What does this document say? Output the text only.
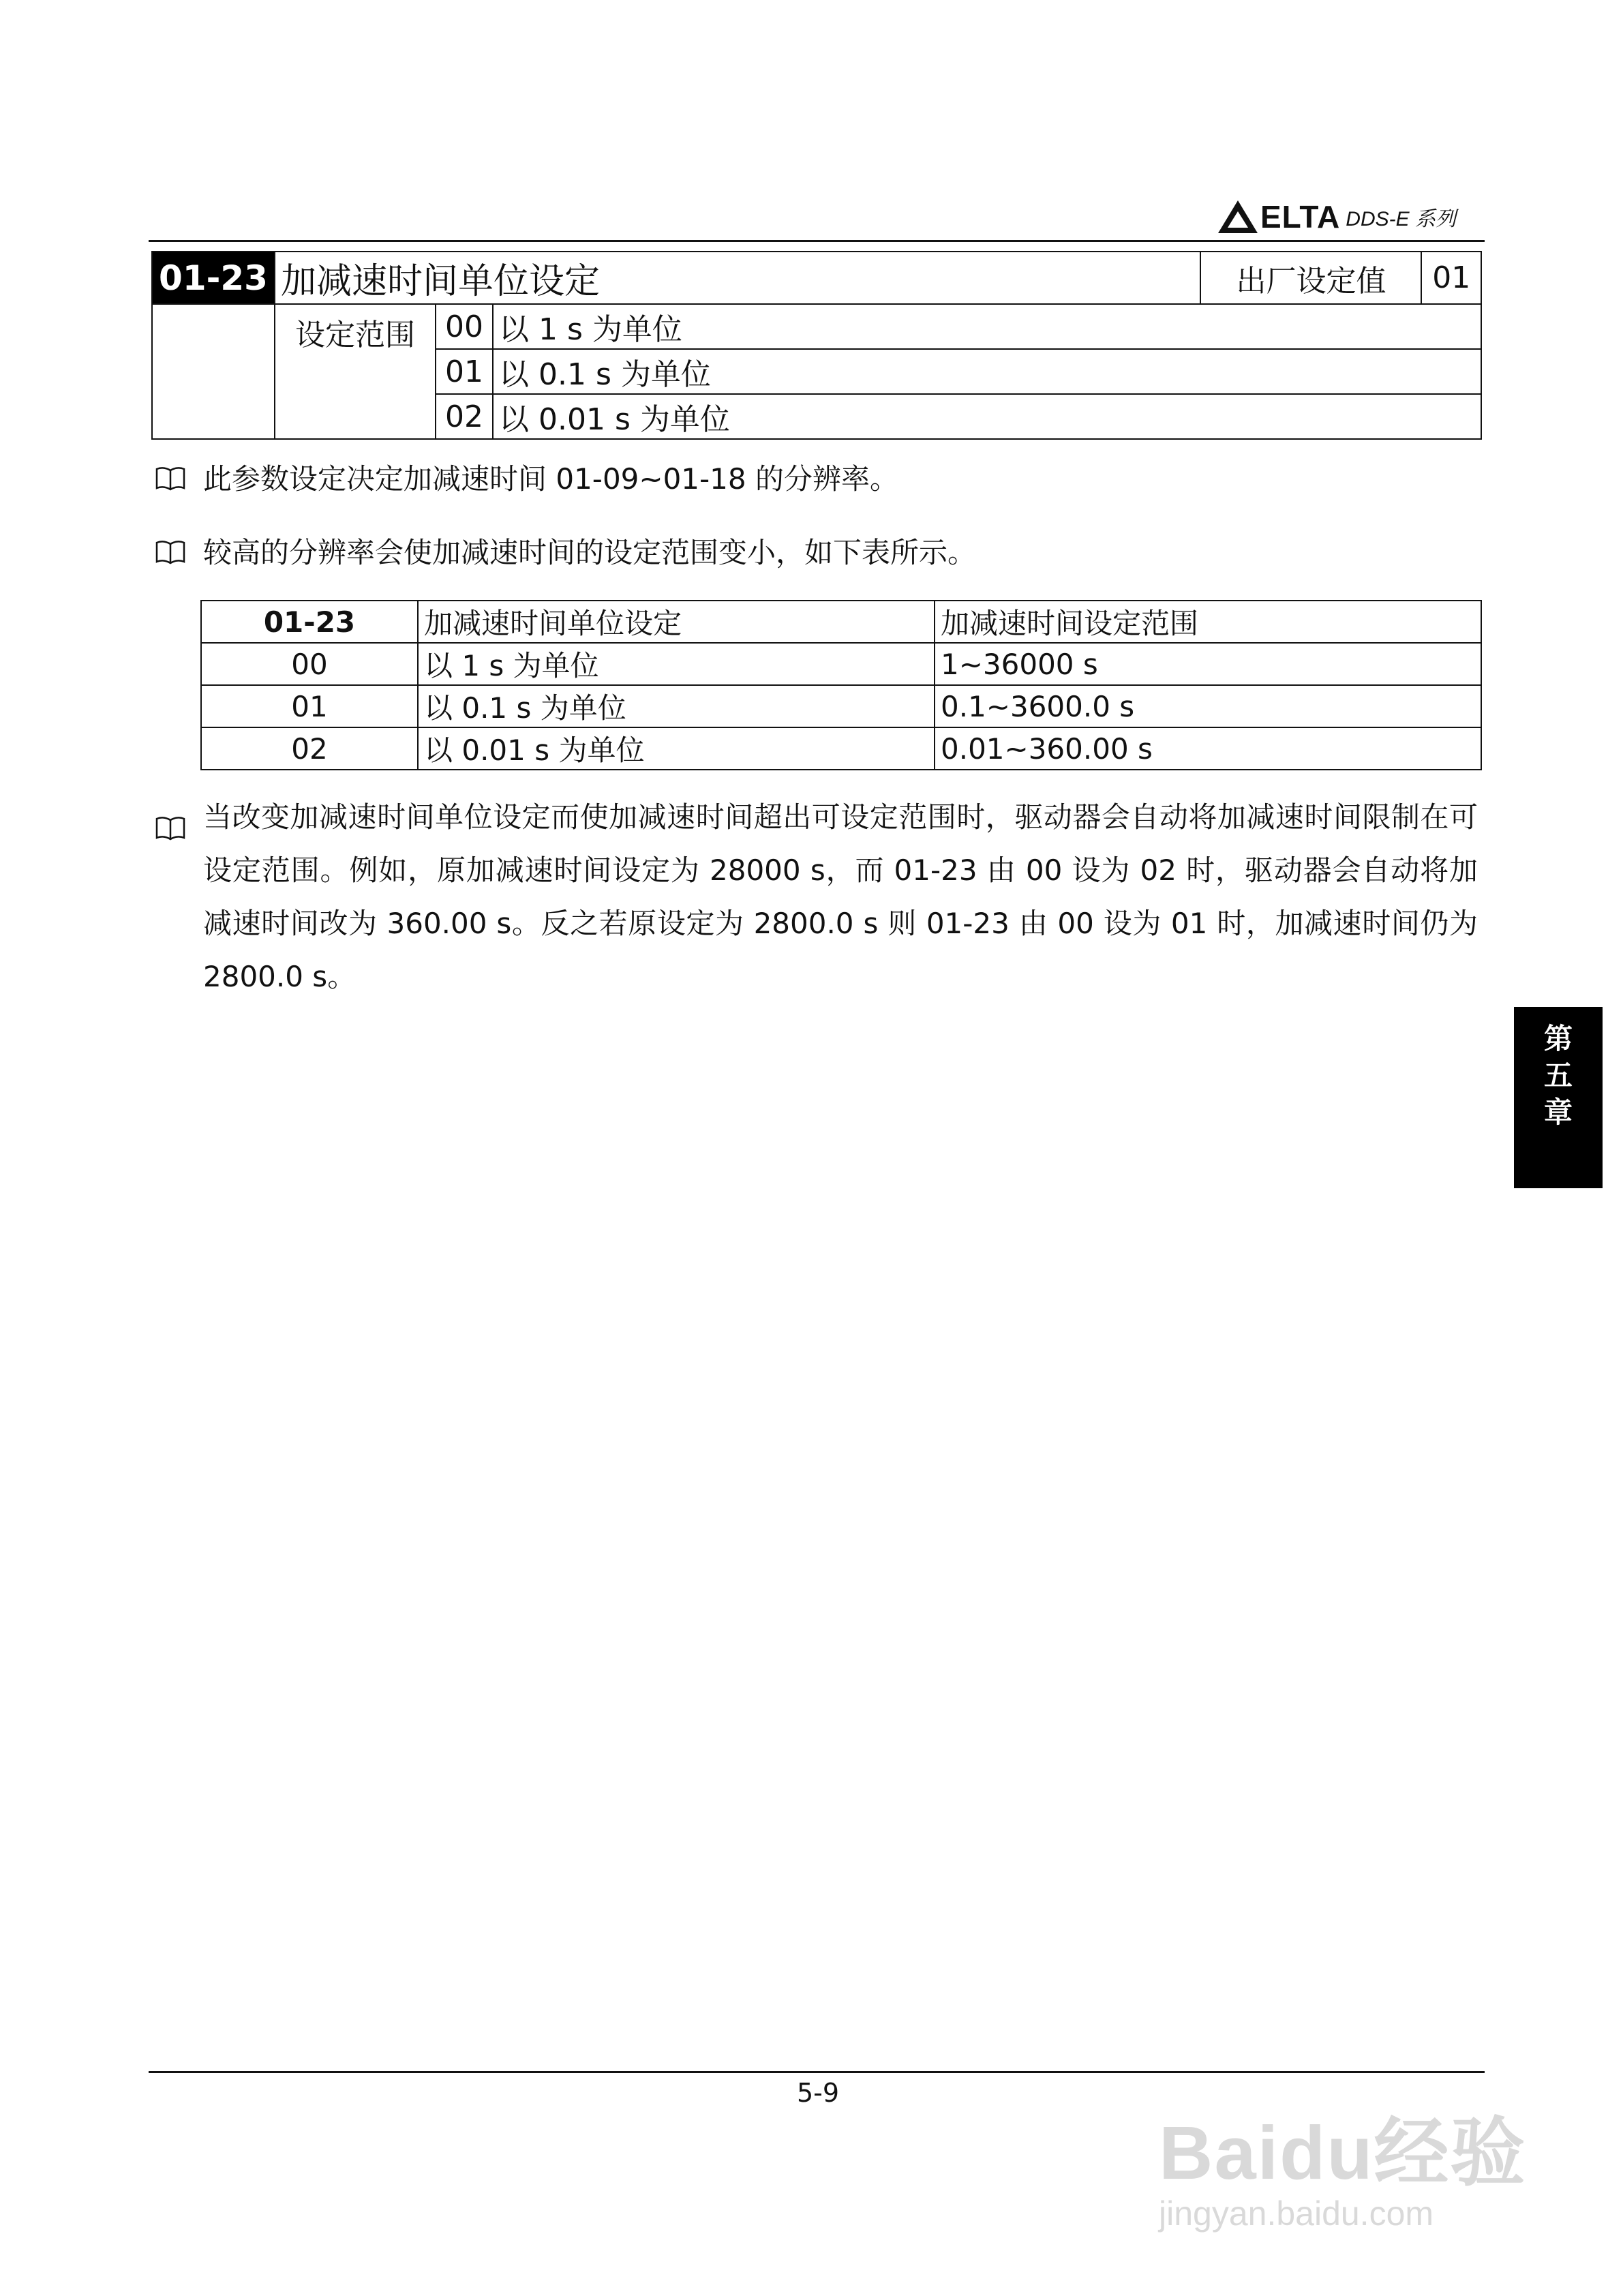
ELTA DDS-E 系列
01-23	加减速时间单位设定			出厂设定值	01
	设定范围	00	以 1 s 为单位		
		01	以 0.1 s 为单位		
		02	以 0.01 s 为单位		
此参数设定决定加减速时间 01-09~01-18 的分辨率。
较高的分辨率会使加减速时间的设定范围变小，如下表所示。
01-23	加减速时间单位设定	加减速时间设定范围
00	以 1 s 为单位	1~36000 s
01	以 0.1 s 为单位	0.1~3600.0 s
02	以 0.01 s 为单位	0.01~360.00 s
当改变加减速时间单位设定而使加减速时间超出可设定范围时，驱动器会自动将加减速时间限制在可设定范围。例如，原加减速时间设定为 28000 s，而 01-23 由 00 设为 02 时，驱动器会自动将加减速时间改为 360.00 s。反之若原设定为 2800.0 s 则 01-23 由 00 设为 01 时，加减速时间仍为 2800.0 s。
第
五
章
5-9
Baidu经验
jingyan.baidu.com
